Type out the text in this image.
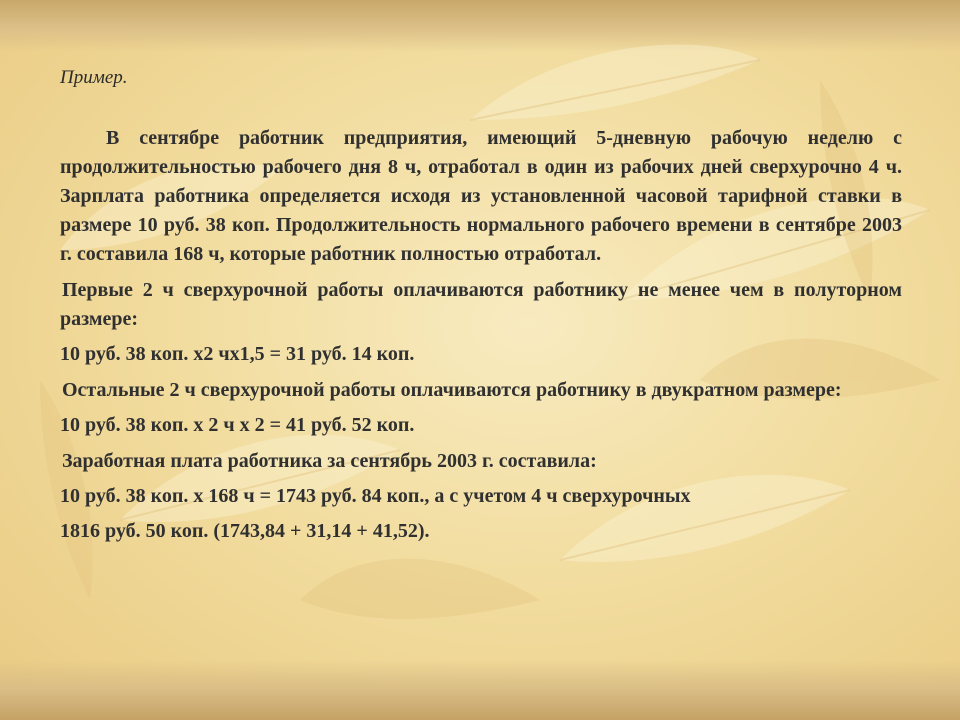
Пример.

В сентябре работник предприятия, имеющий 5-дневную рабочую неделю с продолжительностью рабочего дня 8 ч, отработал в один из рабочих дней сверхурочно 4 ч. Зарплата работника определяется исходя из установленной часовой тарифной ставки в размере 10 руб. 38 коп. Продолжительность нормального рабочего времени в сентябре 2003 г. составила 168 ч, которые работник полностью отработал.

Первые 2 ч сверхурочной работы оплачиваются работнику не менее чем в полуторном размере:

10 руб. 38 коп. x2 чx1,5 = 31 руб. 14 коп.

Остальные 2 ч сверхурочной работы оплачиваются работнику в двукратном размере:

10 руб. 38 коп. x 2 ч x 2 = 41 руб. 52 коп.

Заработная плата работника за сентябрь 2003 г. составила:

10 руб. 38 коп. x 168 ч = 1743 руб. 84 коп., а с учетом 4 ч сверхурочных

1816 руб. 50 коп. (1743,84 + 31,14 + 41,52).
